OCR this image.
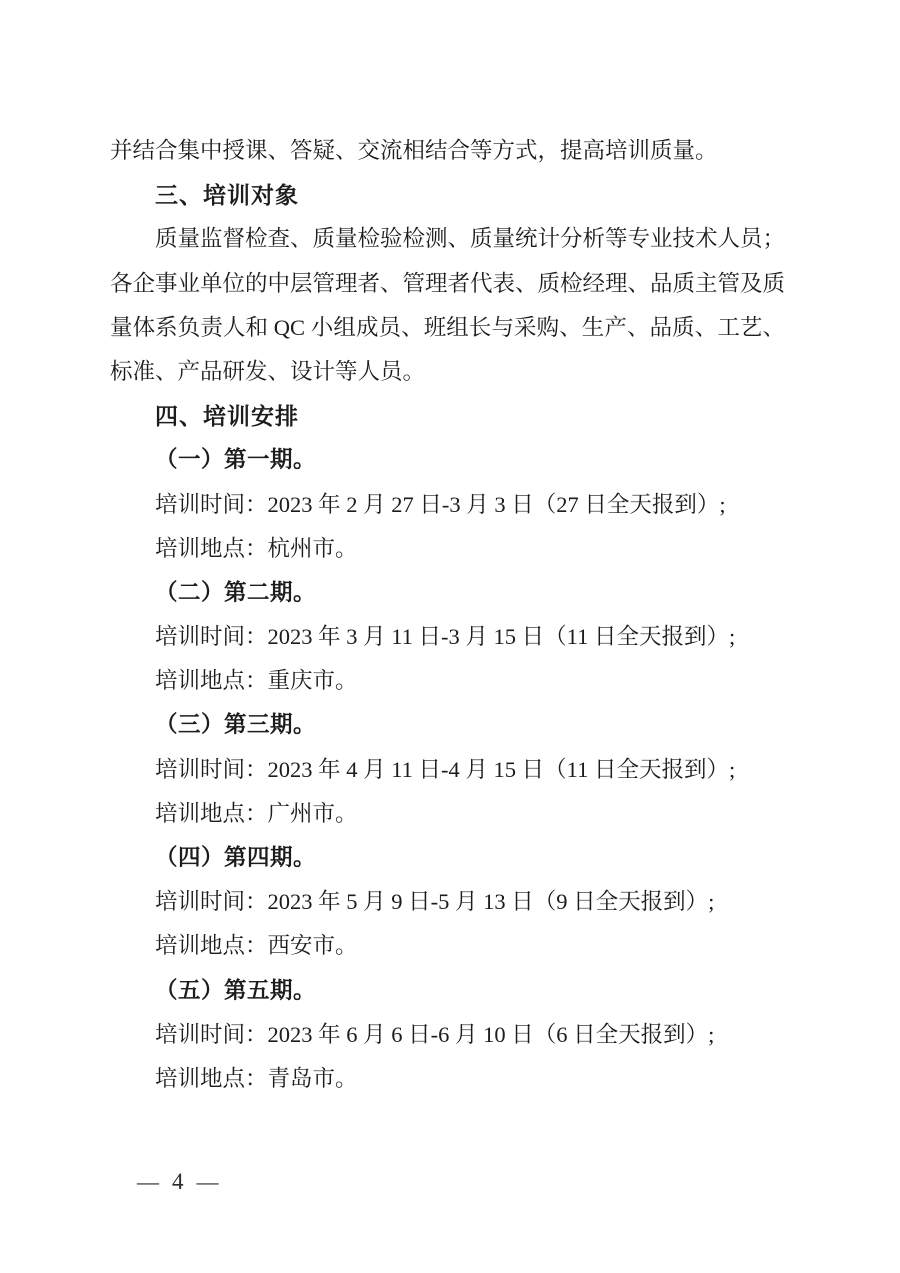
并结合集中授课、答疑、交流相结合等方式，提高培训质量。

三、培训对象

质量监督检查、质量检验检测、质量统计分析等专业技术人员；

各企事业单位的中层管理者、管理者代表、质检经理、品质主管及质

量体系负责人和 QC 小组成员、班组长与采购、生产、品质、工艺、

标准、产品研发、设计等人员。

四、培训安排

（一）第一期。

培训时间：2023 年 2 月 27 日-3 月 3 日（27 日全天报到）;

培训地点：杭州市。

（二）第二期。

培训时间：2023 年 3 月 11 日-3 月 15 日（11 日全天报到）;

培训地点：重庆市。

（三）第三期。

培训时间：2023 年 4 月 11 日-4 月 15 日（11 日全天报到）;

培训地点：广州市。

（四）第四期。

培训时间：2023 年 5 月 9 日-5 月 13 日（9 日全天报到）;

培训地点：西安市。

（五）第五期。

培训时间：2023 年 6 月 6 日-6 月 10 日（6 日全天报到）;

培训地点：青岛市。

— 4 —
